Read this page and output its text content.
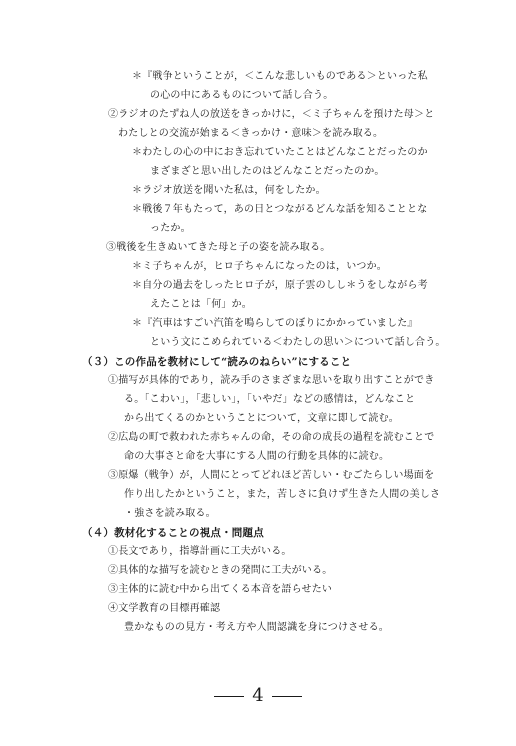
＊『戦争ということが，＜こんな悲しいものである＞といった私
の心の中にあるものについて話し合う。
②ラジオのたずね人の放送をきっかけに，＜ミ子ちゃんを預けた母＞と
わたしとの交流が始まる＜きっかけ・意味＞を読み取る。
＊わたしの心の中におき忘れていたことはどんなことだったのか
まざまざと思い出したのはどんなことだったのか。
＊ラジオ放送を聞いた私は，何をしたか。
＊戦後７年もたって，あの日とつながるどんな話を知ることとな
ったか。
③戦後を生きぬいてきた母と子の姿を読み取る。
＊ミ子ちゃんが，ヒロ子ちゃんになったのは，いつか。
＊自分の過去をしったヒロ子が，原子雲のしし＊うをしながら考
えたことは「何」か。
＊『汽車はすごい汽笛を鳴らしてのぼりにかかっていました』
という文にこめられている＜わたしの思い＞について話し合う。
（３）この作品を教材にして“読みのねらい”にすること
①描写が具体的であり，読み手のさまざまな思いを取り出すことができ
る。「こわい」，「悲しい」，「いやだ」などの感情は，どんなこと
から出てくるのかということについて，文章に即して読む。
②広島の町で救われた赤ちゃんの命，その命の成長の過程を読むことで
命の大事さと命を大事にする人間の行動を具体的に読む。
③原爆（戦争）が，人間にとってどれほど苦しい・むごたらしい場面を
作り出したかということ，また，苦しさに負けず生きた人間の美しさ
・強さを読み取る。
（４）教材化することの視点・問題点
①長文であり，指導計画に工夫がいる。
②具体的な描写を読むときの発問に工夫がいる。
③主体的に読む中から出てくる本音を語らせたい
④文学教育の目標再確認
豊かなものの見方・考え方や人間認識を身につけさせる。
4
